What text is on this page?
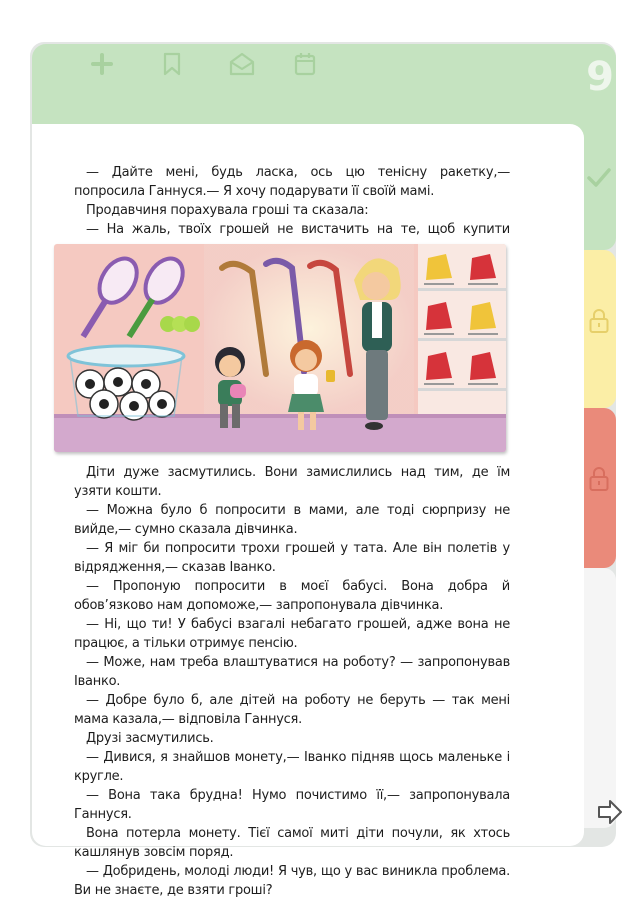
9

— Дайте мені, будь ласка, ось цю тенісну ракетку,— попросила Ганнуся.— Я хочу подарувати її своїй мамі.

Продавчиня порахувала гроші та сказала:

— На жаль, твоїх грошей не вистачить на те, щоб купити

Діти дуже засмутились. Вони замислились над тим, де їм узяти кошти.

— Можна було б попросити в мами, але тоді сюрпризу не вийде,— сумно сказала дівчинка.

— Я міг би попросити трохи грошей у тата. Але він полетів у відрядження,— сказав Іванко.

— Пропоную попросити в моєї бабусі. Вона добра й обов’язково нам допоможе,— запропонувала дівчинка.

— Ні, що ти! У бабусі взагалі небагато грошей, адже вона не працює, а тільки отримує пенсію.

— Може, нам треба влаштуватися на роботу? — запропонував Іванко.

— Добре було б, але дітей на роботу не беруть — так мені мама казала,— відповіла Ганнуся.

Друзі засмутились.

— Дивися, я знайшов монету,— Іванко підняв щось маленьке і кругле.

— Вона така брудна! Нумо почистимо її,— запропонувала Ганнуся.

Вона потерла монету. Тієї самої миті діти почули, як хтось кашлянув зовсім поряд.

— Добридень, молоді люди! Я чув, що у вас виникла проблема. Ви не знаєте, де взяти гроші?
